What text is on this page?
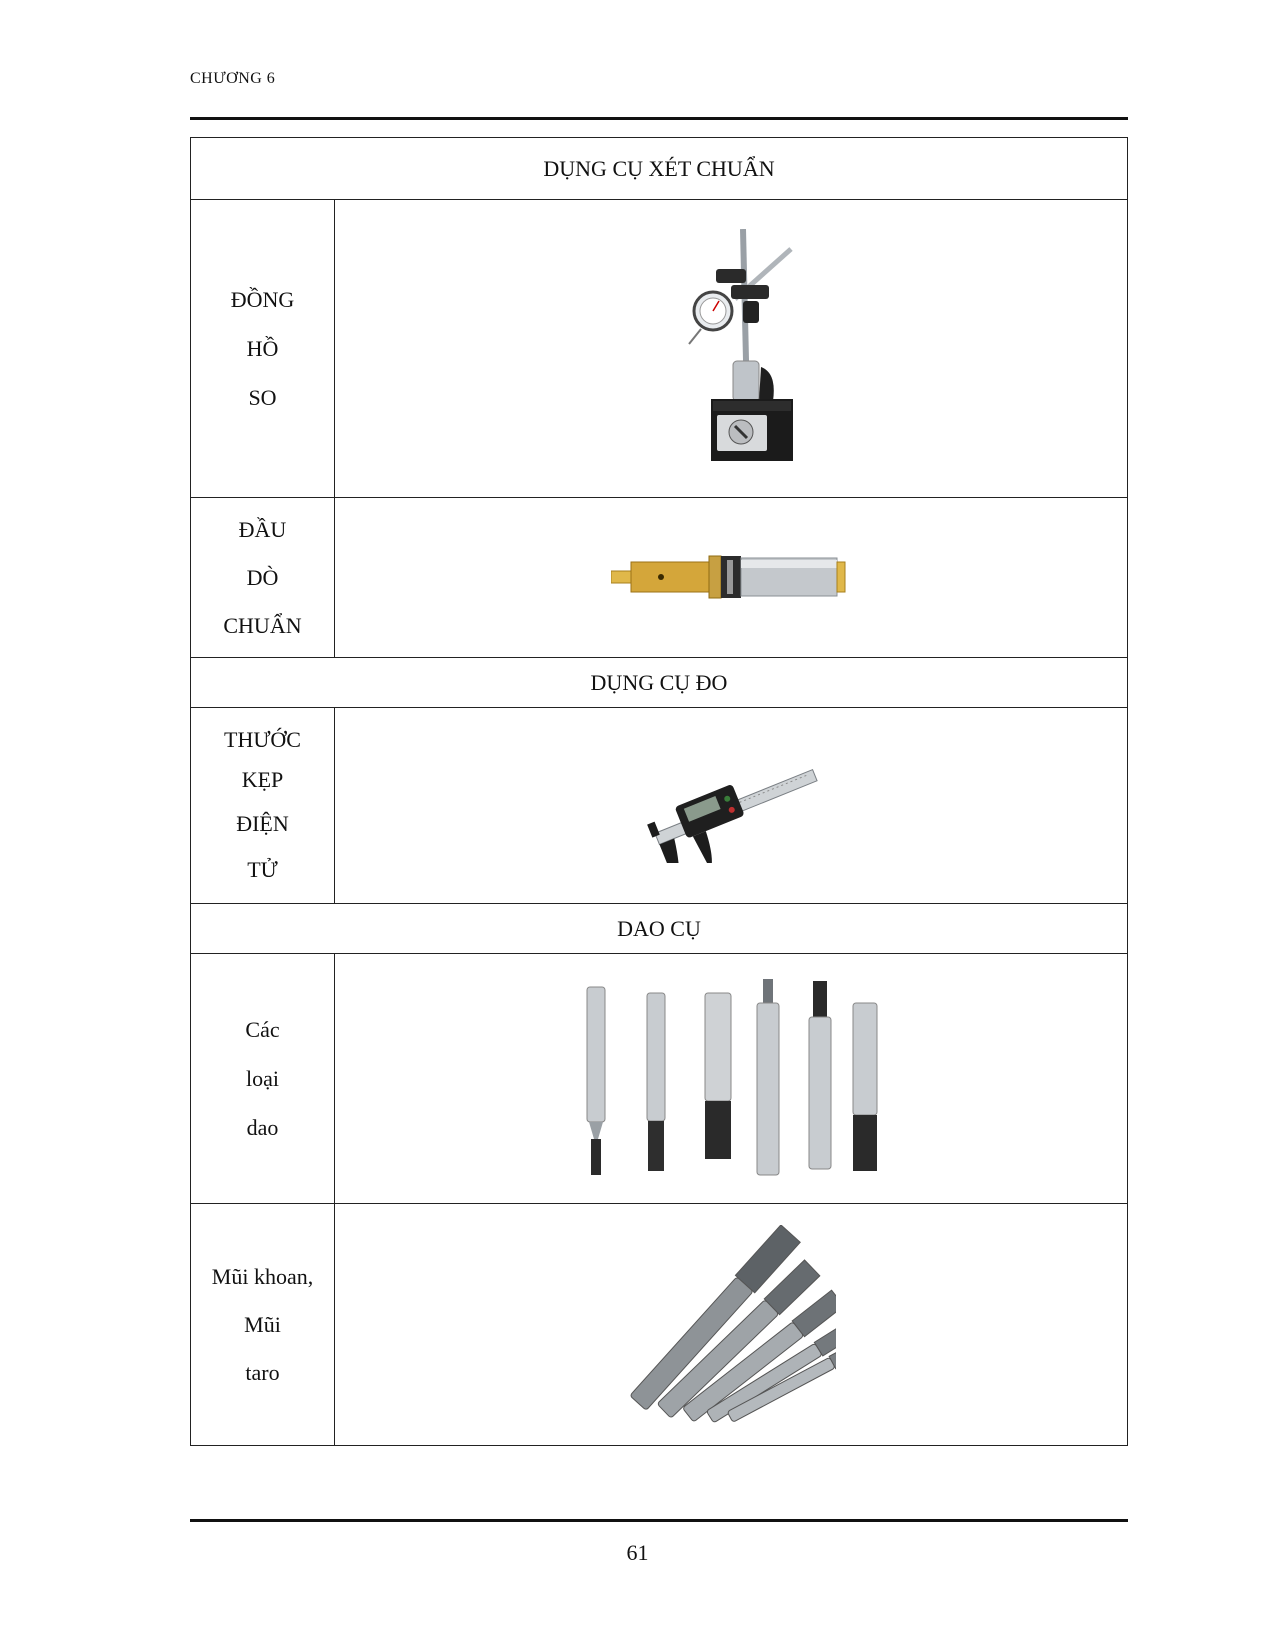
CHƯƠNG 6
DỤNG CỤ XÉT CHUẨN	

ĐỒNG
HỒ
SO

ĐẦU
DÒ
CHUẨN

DỤNG CỤ ĐO	

THƯỚC
KẸP
ĐIỆN
TỬ

DAO CỤ	

Các
loại
dao

Mũi khoan,
Mũi
taro

61
